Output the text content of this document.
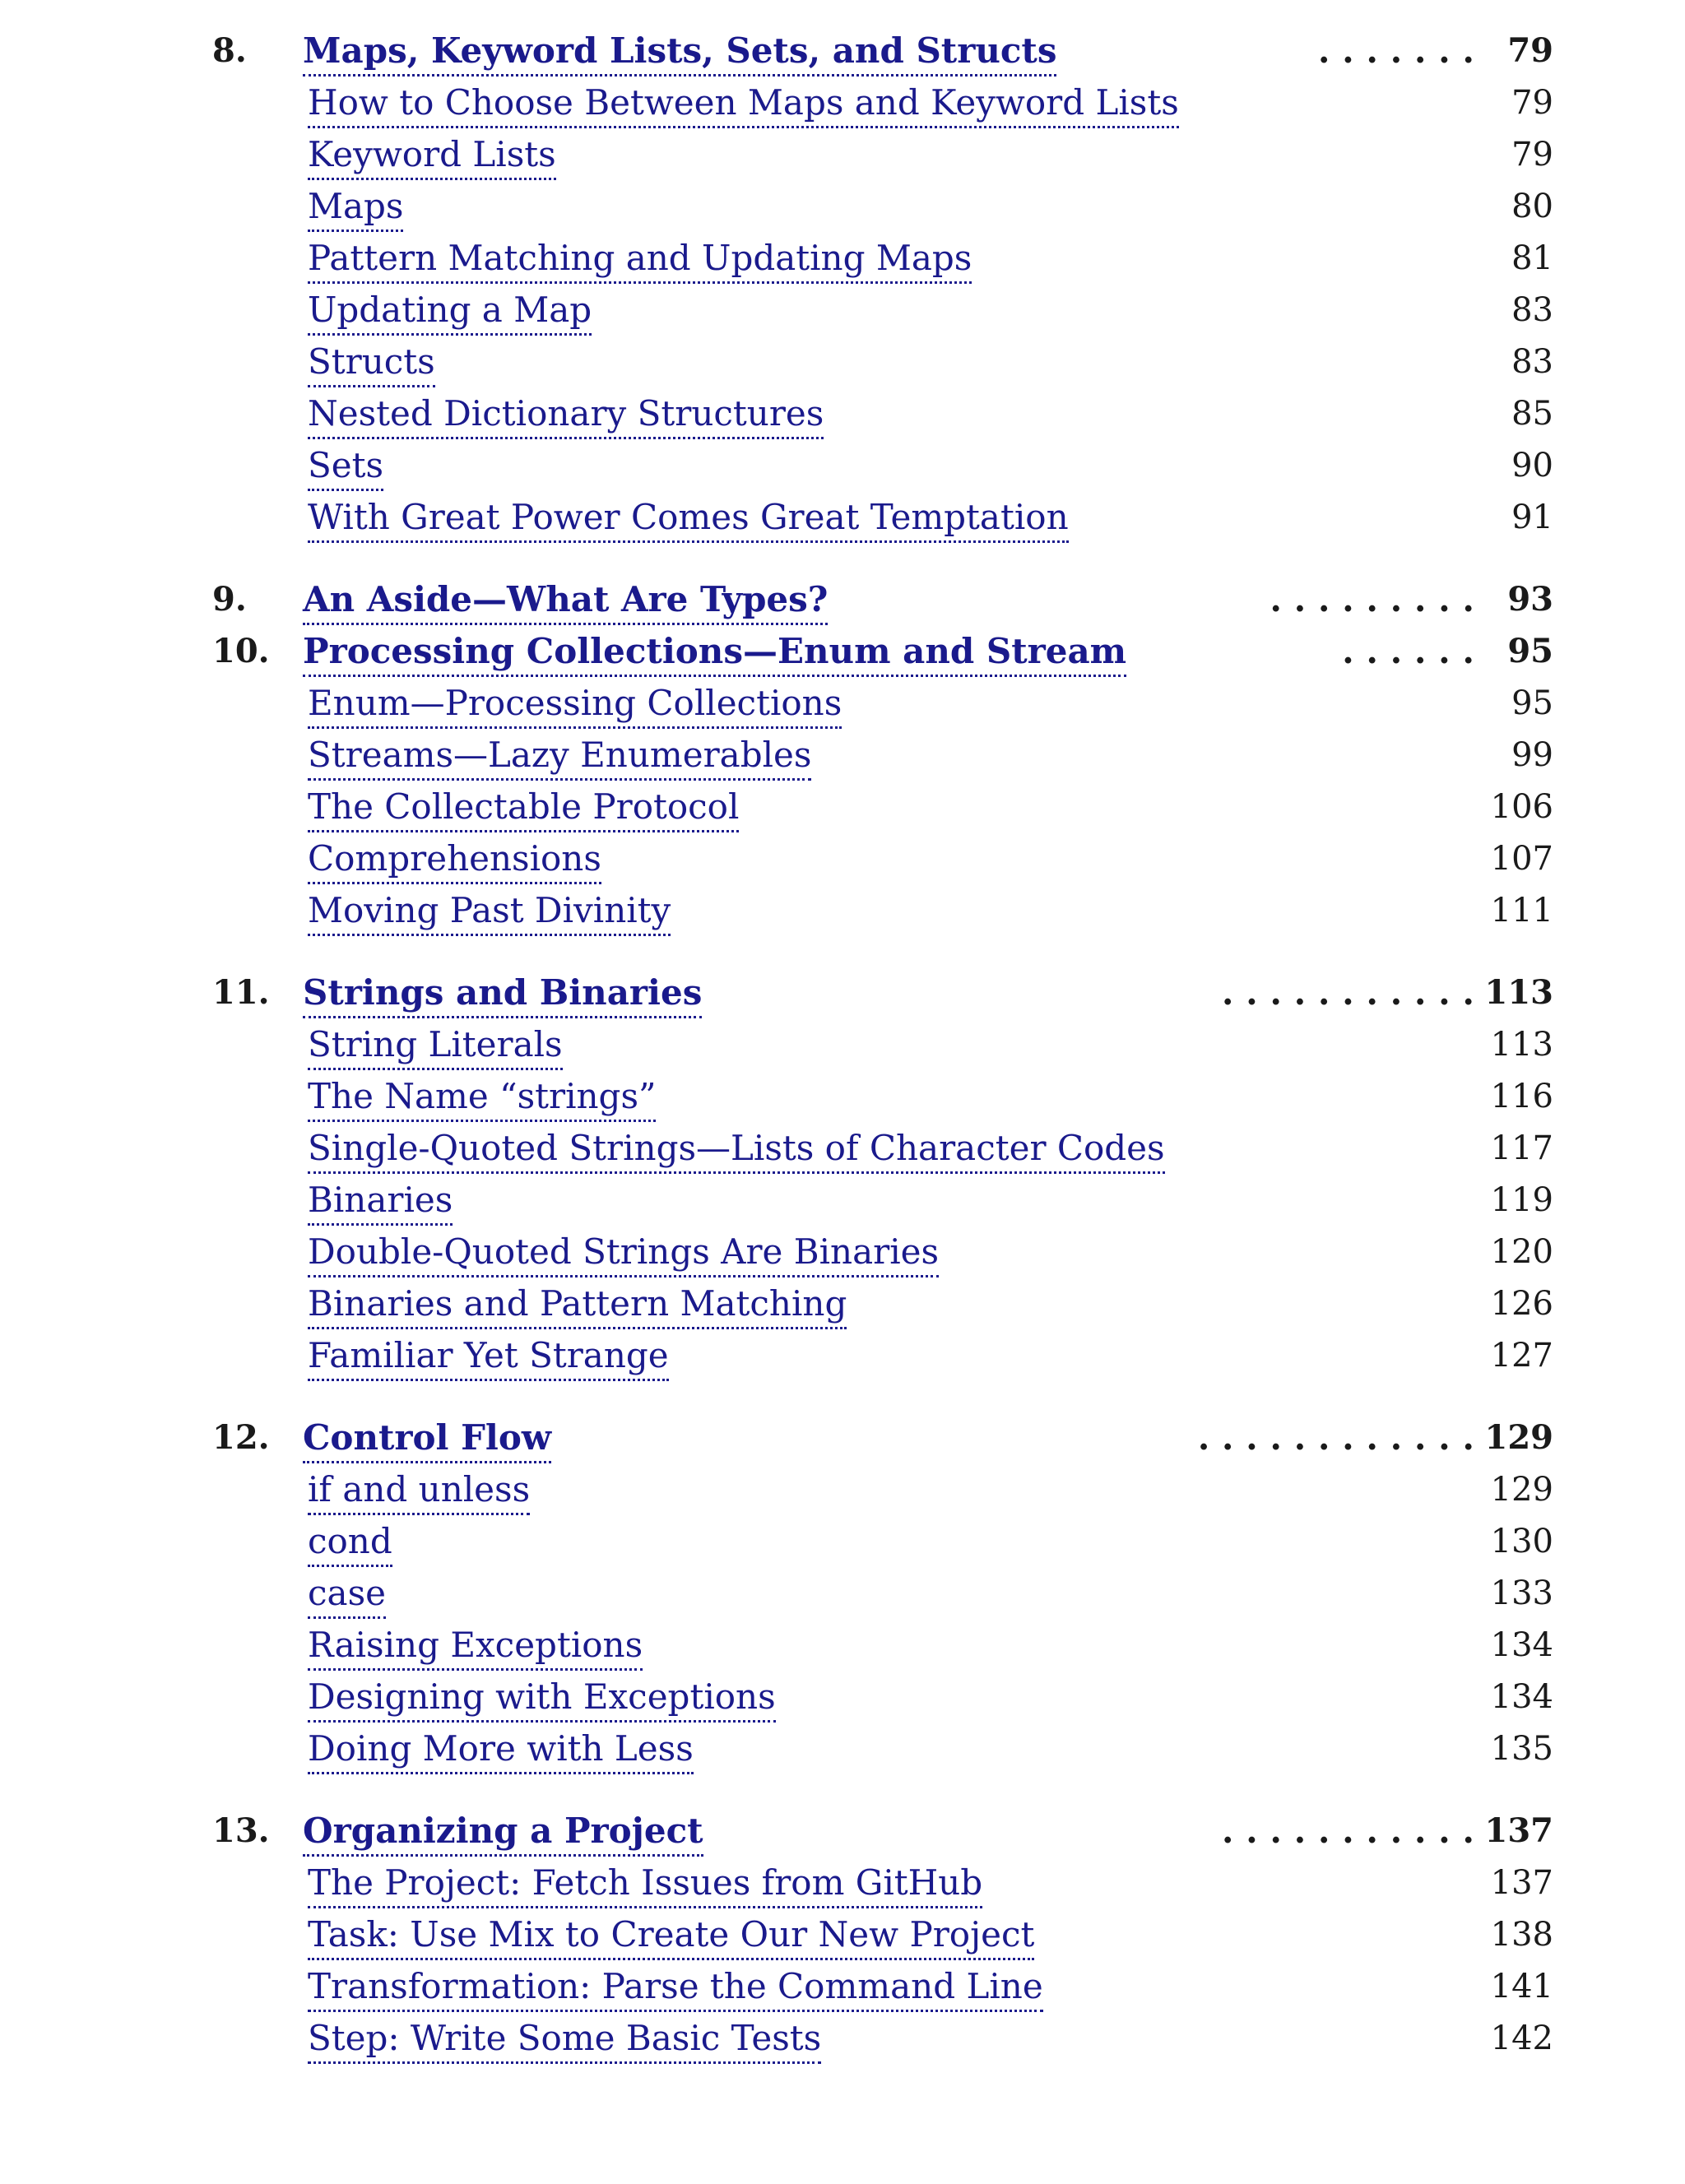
8. Maps, Keyword Lists, Sets, and Structs	. . . . . . . 79
How to Choose Between Maps and Keyword Lists	79
Keyword Lists	79
Maps	80
Pattern Matching and Updating Maps	81
Updating a Map	83
Structs	83
Nested Dictionary Structures	85
Sets	90
With Great Power Comes Great Temptation	91
9. An Aside—What Are Types?	. . . . . . . . . 93
10. Processing Collections—Enum and Stream	. . . . . . 95
Enum—Processing Collections	95
Streams—Lazy Enumerables	99
The Collectable Protocol	106
Comprehensions	107
Moving Past Divinity	111
11. Strings and Binaries	. . . . . . . . . . . 113
String Literals	113
The Name “strings”	116
Single-Quoted Strings—Lists of Character Codes	117
Binaries	119
Double-Quoted Strings Are Binaries	120
Binaries and Pattern Matching	126
Familiar Yet Strange	127
12. Control Flow	. . . . . . . . . . . . 129
if and unless	129
cond	130
case	133
Raising Exceptions	134
Designing with Exceptions	134
Doing More with Less	135
13. Organizing a Project	. . . . . . . . . . . 137
The Project: Fetch Issues from GitHub	137
Task: Use Mix to Create Our New Project	138
Transformation: Parse the Command Line	141
Step: Write Some Basic Tests	142
